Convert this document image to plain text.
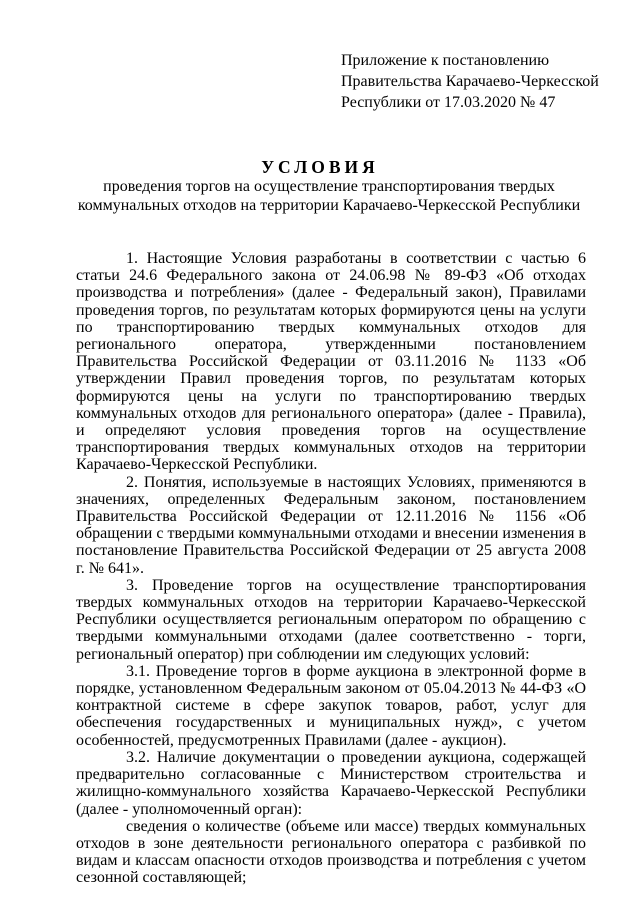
Приложение к постановлению
Правительства Карачаево-Черкесской
Республики от 17.03.2020 № 47
УСЛОВИЯ
проведения торгов на осуществление транспортирования твердых коммунальных отходов на территории Карачаево-Черкесской Республики

1. Настоящие Условия разработаны в соответствии с частью 6 статьи 24.6 Федерального закона от 24.06.98 № 89-ФЗ «Об отходах производства и потребления» (далее - Федеральный закон), Правилами проведения торгов, по результатам которых формируются цены на услуги по транспортированию твердых коммунальных отходов для регионального оператора, утвержденными постановлением Правительства Российской Федерации от 03.11.2016 № 1133 «Об утверждении Правил проведения торгов, по результатам которых формируются цены на услуги по транспортированию твердых коммунальных отходов для регионального оператора» (далее - Правила), и определяют условия проведения торгов на осуществление транспортирования твердых коммунальных отходов на территории Карачаево-Черкесской Республики.

2. Понятия, используемые в настоящих Условиях, применяются в значениях, определенных Федеральным законом, постановлением Правительства Российской Федерации от 12.11.2016 № 1156 «Об обращении с твердыми коммунальными отходами и внесении изменения в постановление Правительства Российской Федерации от 25 августа 2008 г. № 641».

3. Проведение торгов на осуществление транспортирования твердых коммунальных отходов на территории Карачаево-Черкесской Республики осуществляется региональным оператором по обращению с твердыми коммунальными отходами (далее соответственно - торги, региональный оператор) при соблюдении им следующих условий:

3.1. Проведение торгов в форме аукциона в электронной форме в порядке, установленном Федеральным законом от 05.04.2013 № 44-ФЗ «О контрактной системе в сфере закупок товаров, работ, услуг для обеспечения государственных и муниципальных нужд», с учетом особенностей, предусмотренных Правилами (далее - аукцион).

3.2. Наличие документации о проведении аукциона, содержащей предварительно согласованные с Министерством строительства и жилищно-коммунального хозяйства Карачаево-Черкесской Республики (далее - уполномоченный орган):

сведения о количестве (объеме или массе) твердых коммунальных отходов в зоне деятельности регионального оператора с разбивкой по видам и классам опасности отходов производства и потребления с учетом сезонной составляющей;
